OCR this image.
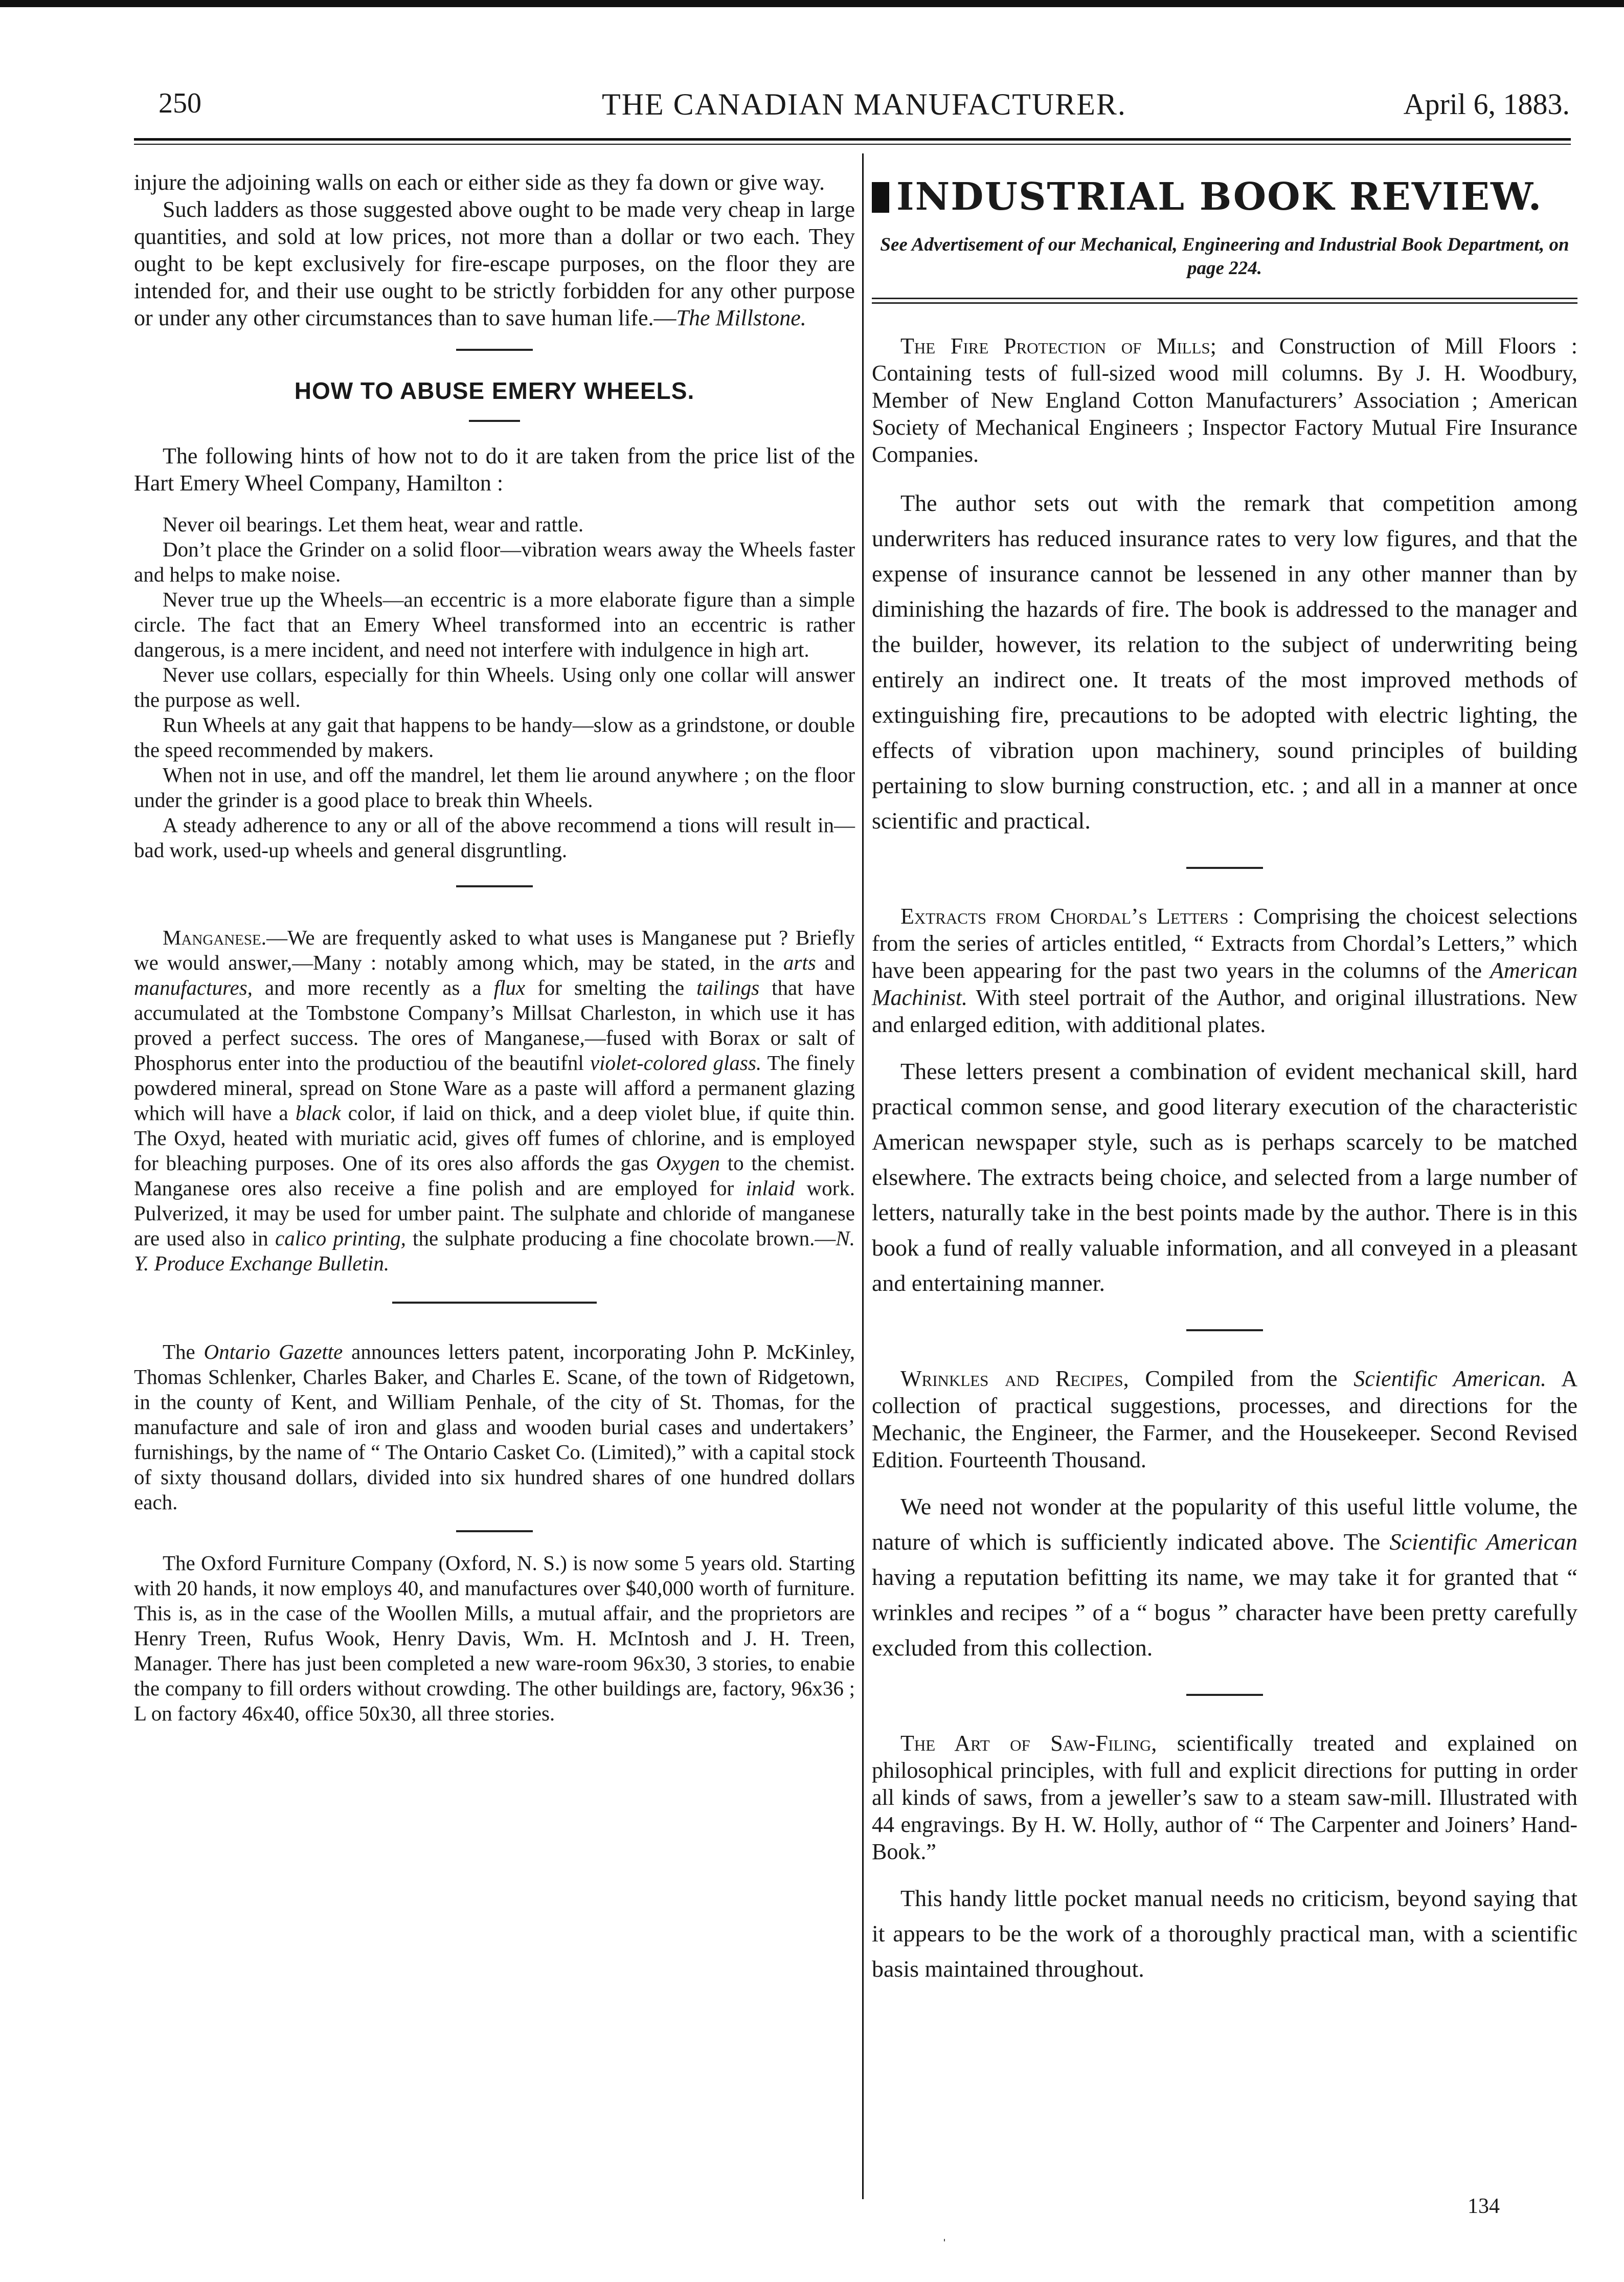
250	THE CANADIAN MANUFACTURER.	April 6, 1883.

injure the adjoining walls on each or either side as they fa down or give way.

Such ladders as those suggested above ought to be made very cheap in large quantities, and sold at low prices, not more than a dollar or two each. They ought to be kept exclusively for fire-escape purposes, on the floor they are intended for, and their use ought to be strictly forbidden for any other purpose or under any other circumstances than to save human life.—The Millstone.

HOW TO ABUSE EMERY WHEELS.

The following hints of how not to do it are taken from the price list of the Hart Emery Wheel Company, Hamilton :

Never oil bearings. Let them heat, wear and rattle.

Don’t place the Grinder on a solid floor—vibration wears away the Wheels faster and helps to make noise.

Never true up the Wheels—an eccentric is a more elaborate figure than a simple circle. The fact that an Emery Wheel transformed into an eccentric is rather dangerous, is a mere incident, and need not interfere with indulgence in high art.

Never use collars, especially for thin Wheels. Using only one collar will answer the purpose as well.

Run Wheels at any gait that happens to be handy—slow as a grindstone, or double the speed recommended by makers.

When not in use, and off the mandrel, let them lie around anywhere ; on the floor under the grinder is a good place to break thin Wheels.

A steady adherence to any or all of the above recommend a tions will result in—bad work, used-up wheels and general disgruntling.

Manganese.—We are frequently asked to what uses is Manganese put ? Briefly we would answer,—Many : notably among which, may be stated, in the arts and manufactures, and more recently as a flux for smelting the tailings that have accumulated at the Tombstone Company’s Millsat Charleston, in which use it has proved a perfect success. The ores of Manganese,—fused with Borax or salt of Phosphorus enter into the productiou of the beautifnl violet-colored glass. The finely powdered mineral, spread on Stone Ware as a paste will afford a permanent glazing which will have a black color, if laid on thick, and a deep violet blue, if quite thin. The Oxyd, heated with muriatic acid, gives off fumes of chlorine, and is employed for bleaching purposes. One of its ores also affords the gas Oxygen to the chemist. Manganese ores also receive a fine polish and are employed for inlaid work. Pulverized, it may be used for umber paint. The sulphate and chloride of manganese are used also in calico printing, the sulphate producing a fine chocolate brown.—N. Y. Produce Exchange Bulletin.

The Ontario Gazette announces letters patent, incorporating John P. McKinley, Thomas Schlenker, Charles Baker, and Charles E. Scane, of the town of Ridgetown, in the county of Kent, and William Penhale, of the city of St. Thomas, for the manufacture and sale of iron and glass and wooden burial cases and undertakers’ furnishings, by the name of “ The Ontario Casket Co. (Limited),” with a capital stock of sixty thousand dollars, divided into six hundred shares of one hundred dollars each.

The Oxford Furniture Company (Oxford, N. S.) is now some 5 years old. Starting with 20 hands, it now employs 40, and manufactures over $40,000 worth of furniture. This is, as in the case of the Woollen Mills, a mutual affair, and the proprietors are Henry Treen, Rufus Wook, Henry Davis, Wm. H. McIntosh and J. H. Treen, Manager. There has just been completed a new ware-room 96x30, 3 stories, to enabie the company to fill orders without crowding. The other buildings are, factory, 96x36 ; L on factory 46x40, office 50x30, all three stories.

INDUSTRIAL BOOK REVIEW.
See Advertisement of our Mechanical, Engineering and Industrial Book Department, on page 224.

The Fire Protection of Mills; and Construction of Mill Floors : Containing tests of full-sized wood mill columns. By J. H. Woodbury, Member of New England Cotton Manufacturers’ Association ; American Society of Mechanical Engineers ; Inspector Factory Mutual Fire Insurance Companies.

The author sets out with the remark that competition among underwriters has reduced insurance rates to very low figures, and that the expense of insurance cannot be lessened in any other manner than by diminishing the hazards of fire. The book is addressed to the manager and the builder, however, its relation to the subject of underwriting being entirely an indirect one. It treats of the most improved methods of extinguishing fire, precautions to be adopted with electric lighting, the effects of vibration upon machinery, sound principles of building pertaining to slow burning construction, etc. ; and all in a manner at once scientific and practical.

Extracts from Chordal’s Letters : Comprising the choicest selections from the series of articles entitled, “ Extracts from Chordal’s Letters,” which have been appearing for the past two years in the columns of the American Machinist. With steel portrait of the Author, and original illustrations. New and enlarged edition, with additional plates.

These letters present a combination of evident mechanical skill, hard practical common sense, and good literary execution of the characteristic American newspaper style, such as is perhaps scarcely to be matched elsewhere. The extracts being choice, and selected from a large number of letters, naturally take in the best points made by the author. There is in this book a fund of really valuable information, and all conveyed in a pleasant and entertaining manner.

Wrinkles and Recipes, Compiled from the Scientific American. A collection of practical suggestions, processes, and directions for the Mechanic, the Engineer, the Farmer, and the Housekeeper. Second Revised Edition. Fourteenth Thousand.

We need not wonder at the popularity of this useful little volume, the nature of which is sufficiently indicated above. The Scientific American having a reputation befitting its name, we may take it for granted that “ wrinkles and recipes ” of a “ bogus ” character have been pretty carefully excluded from this collection.

The Art of Saw-Filing, scientifically treated and explained on philosophical principles, with full and explicit directions for putting in order all kinds of saws, from a jeweller’s saw to a steam saw-mill. Illustrated with 44 engravings. By H. W. Holly, author of “ The Carpenter and Joiners’ Hand-Book.”

This handy little pocket manual needs no criticism, beyond saying that it appears to be the work of a thoroughly practical man, with a scientific basis maintained throughout.

134
ˌ
